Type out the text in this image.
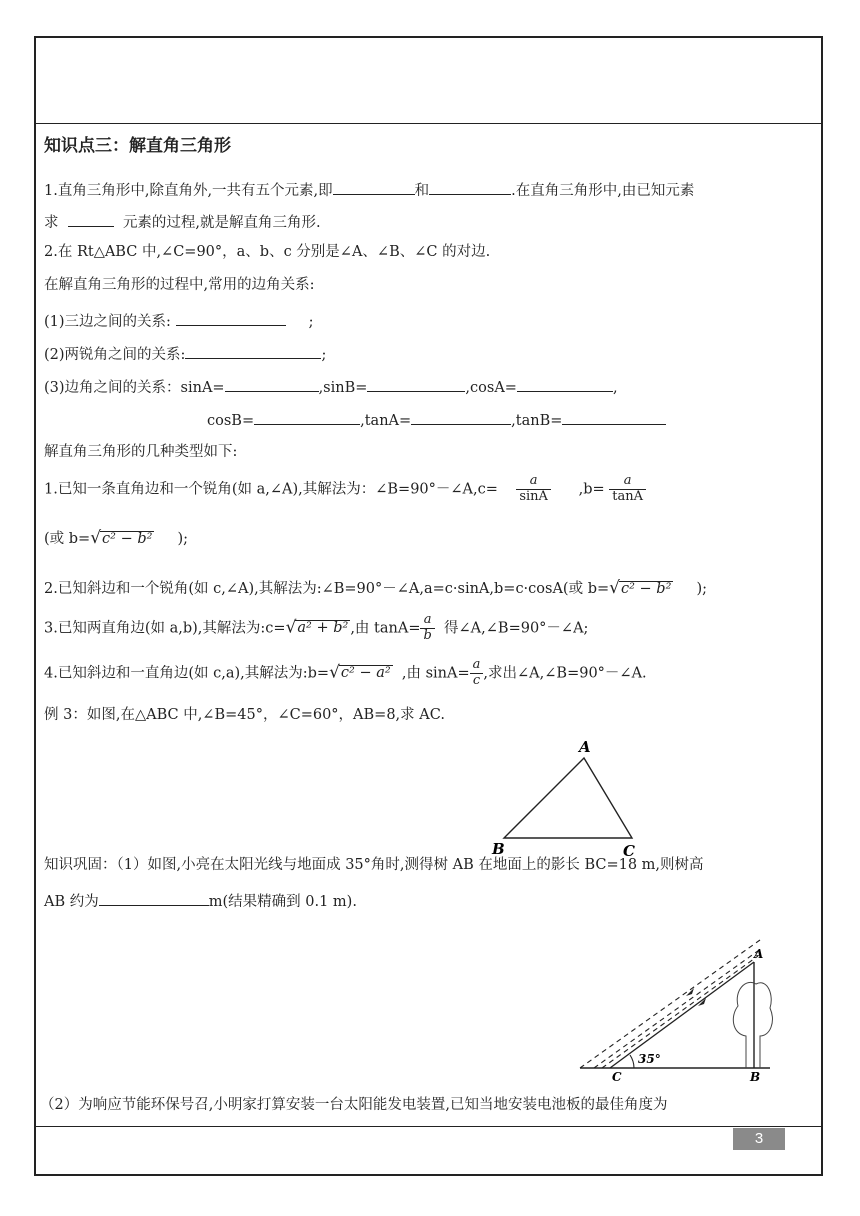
知识点三：解直角三角形
1.直角三角形中,除直角外,一共有五个元素,即	和	.在直角三角形中,由已知元素
求	元素的过程,就是解直角三角形.
2.在 Rt△ABC 中,∠C=90°，a、b、c 分别是∠A、∠B、∠C 的对边.
在解直角三角形的过程中,常用的边角关系:
(1)三边之间的关系:	;
(2)两锐角之间的关系:	;
(3)边角之间的关系：sinA=	,sinB=	,cosA=	,
cosB=	,tanA=	,tanB=
解直角三角形的几种类型如下:
1.已知一条直角边和一个锐角(如 a,∠A),其解法为：∠B=90°－∠A,c= $\frac{a}{\sin A} ,b= \frac{a}{\tan A}$
(或 b=√c² − b² );
2.已知斜边和一个锐角(如 c,∠A),其解法为:∠B=90°－∠A,a=c·sinA,b=c·cosA(或 b=√c² − b² );
3.已知两直角边(如 a,b),其解法为:c=√a² + b² ,由 $\tan A= \frac{a}{b}$ 得∠A,∠B=90°－∠A;
4.已知斜边和一直角边(如 c,a),其解法为:b=√c² − a² ,由 $\sin A= \frac{a}{c}$ ,求出∠A,∠B=90°－∠A.
例 3：如图,在△ABC 中,∠B=45°，∠C=60°，AB=8,求 AC.
知识巩固：（1）如图,小亮在太阳光线与地面成 35°角时,测得树 AB 在地面上的影长 BC=18 m,则树高
AB 约为	m(结果精确到 0.1 m).
（2）为响应节能环保号召,小明家打算安装一台太阳能发电装置,已知当地安装电池板的最佳角度为
A
B	C
35°
A
B
C
3
